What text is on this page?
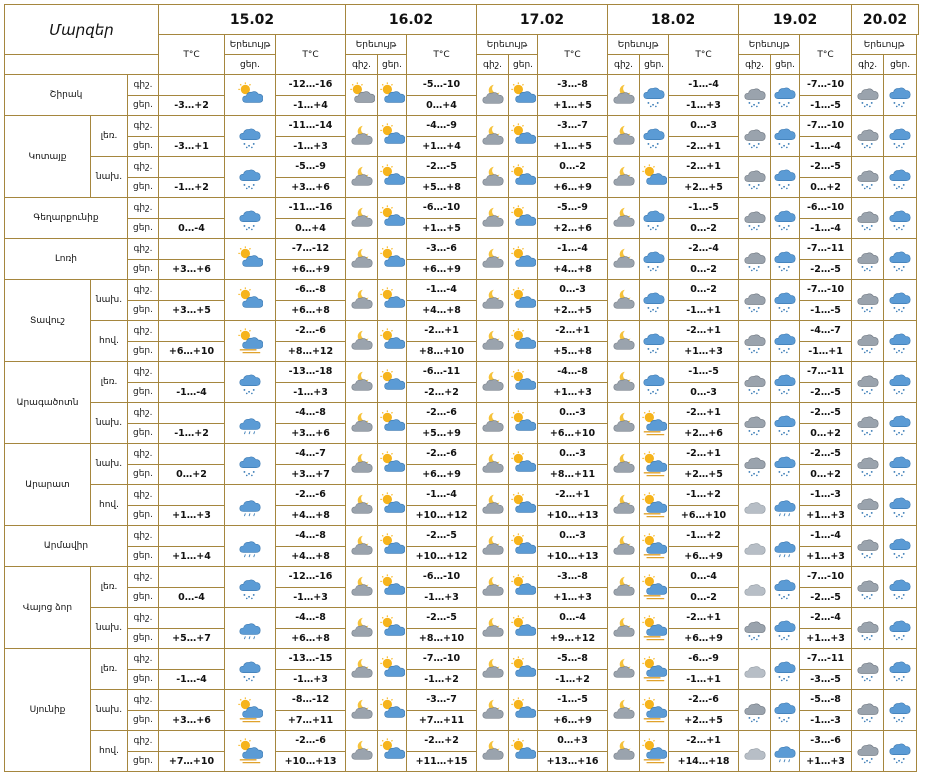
Մարզեր			15.02			16.02			17.02			18.02			19.02			20.02	
			T°C	Երեւույթ	T°C	Երեւույթ		T°C	Երեւույթ		T°C	Երեւույթ		T°C	Երեւույթ		T°C	Երեւույթ	
				ցեր.		գիշ.	ցեր.		գիշ.	ցեր.		գիշ.	ցեր.		գիշ.	ցեր.		գիշ.	ցեր.
Շիրակ		գիշ.			-12…-16			-5…-10			-3…-8			-1…-4			-7…-10		
		ցեր.	-3…+2		-1…+4			0…+4			+1…+5			-1…+3			-1…-5		
Կոտայք	լեռ.	գիշ.			-11…-14			-4…-9			-3…-7			0…-3			-7…-10		
		ցեր.	-3…+1		-1…+3			+1…+4			+1…+5			-2…+1			-1…-4		
	նախ.	գիշ.			-5…-9			-2…-5			0…-2			-2…+1			-2…-5		
		ցեր.	-1…+2		+3…+6			+5…+8			+6…+9			+2…+5			0…+2		
Գեղարքունիք		գիշ.			-11…-16			-6…-10			-5…-9			-1…-5			-6…-10		
		ցեր.	0…-4		0…+4			+1…+5			+2…+6			0…-2			-1…-4		
Լոռի		գիշ.			-7…-12			-3…-6			-1…-4			-2…-4			-7…-11		
		ցեր.	+3…+6		+6…+9			+6…+9			+4…+8			0…-2			-2…-5		
Տավուշ	նախ.	գիշ.			-6…-8			-1…-4			0…-3			0…-2			-7…-10		
		ցեր.	+3…+5		+6…+8			+4…+8			+2…+5			-1…+1			-1…-5		
	հով.	գիշ.			-2…-6			-2…+1			-2…+1			-2…+1			-4…-7		
		ցեր.	+6…+10		+8…+12			+8…+10			+5…+8			+1…+3			-1…+1		
Արագածոտն	լեռ.	գիշ.			-13…-18			-6…-11			-4…-8			-1…-5			-7…-11		
		ցեր.	-1…-4		-1…+3			-2…+2			+1…+3			0…-3			-2…-5		
	նախ.	գիշ.			-4…-8			-2…-6			0…-3			-2…+1			-2…-5		
		ցեր.	-1…+2		+3…+6			+5…+9			+6…+10			+2…+6			0…+2		
Արարատ	նախ.	գիշ.			-4…-7			-2…-6			0…-3			-2…+1			-2…-5		
		ցեր.	0…+2		+3…+7			+6…+9			+8…+11			+2…+5			0…+2		
	հով.	գիշ.			-2…-6			-1…-4			-2…+1			-1…+2			-1…-3		
		ցեր.	+1…+3		+4…+8			+10…+12			+10…+13			+6…+10			+1…+3		
Արմավիր		գիշ.			-4…-8			-2…-5			0…-3			-1…+2			-1…-4		
		ցեր.	+1…+4		+4…+8			+10…+12			+10…+13			+6…+9			+1…+3		
Վայոց ձոր	լեռ.	գիշ.			-12…-16			-6…-10			-3…-8			0…-4			-7…-10		
		ցեր.	0…-4		-1…+3			-1…+3			+1…+3			0…-2			-2…-5		
	նախ.	գիշ.			-4…-8			-2…-5			0…-4			-2…+1			-2…-4		
		ցեր.	+5…+7		+6…+8			+8…+10			+9…+12			+6…+9			+1…+3		
Սյունիք	լեռ.	գիշ.			-13…-15			-7…-10			-5…-8			-6…-9			-7…-11		
		ցեր.	-1…-4		-1…+3			-1…+2			-1…+2			-1…+1			-3…-5		
	նախ.	գիշ.			-8…-12			-3…-7			-1…-5			-2…-6			-5…-8		
		ցեր.	+3…+6		+7…+11			+7…+11			+6…+9			+2…+5			-1…-3		
	հով.	գիշ.			-2…-6			-2…+2			0…+3			-2…+1			-3…-6		
		ցեր.	+7…+10		+10…+13			+11…+15			+13…+16			+14…+18			+1…+3		
